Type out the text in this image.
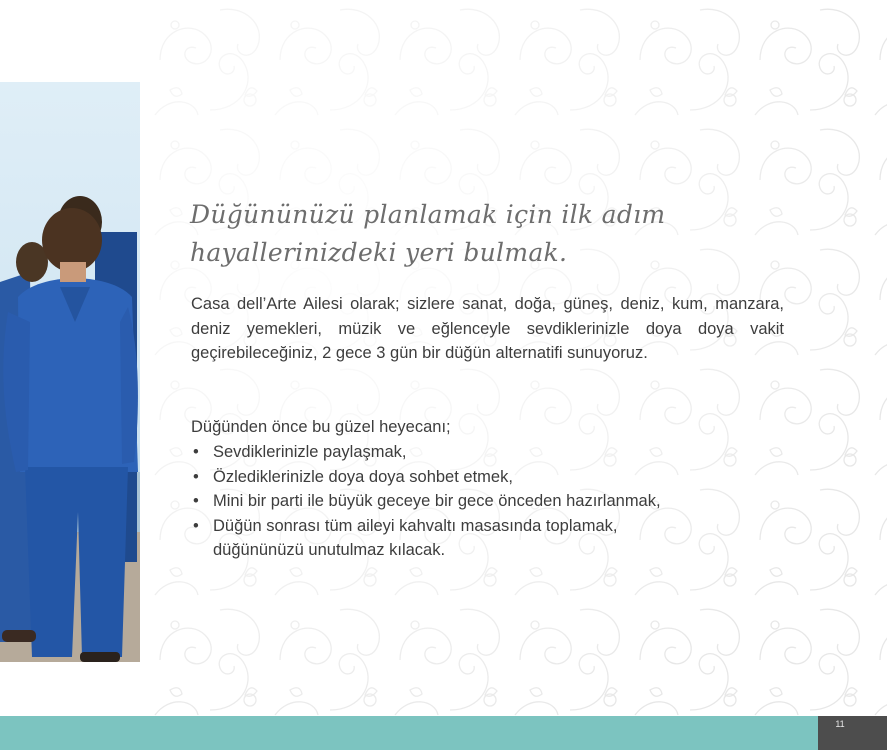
Düğününüzü planlamak için ilk adım
hayallerinizdeki yeri bulmak.

Casa dell’Arte Ailesi olarak; sizlere sanat, doğa, güneş, deniz, kum, manzara, deniz yemekleri, müzik ve eğlenceyle sevdiklerinizle doya doya vakit geçirebileceğiniz, 2 gece 3 gün bir düğün alternatifi sunuyoruz.

Düğünden önce bu güzel heyecanı;

• Sevdiklerinizle paylaşmak,
• Özlediklerinizle doya doya sohbet etmek,
• Mini bir parti ile büyük geceye bir gece önceden hazırlanmak,
• Düğün sonrası tüm aileyi kahvaltı masasında toplamak,
düğününüzü unutulmaz kılacak.
11
